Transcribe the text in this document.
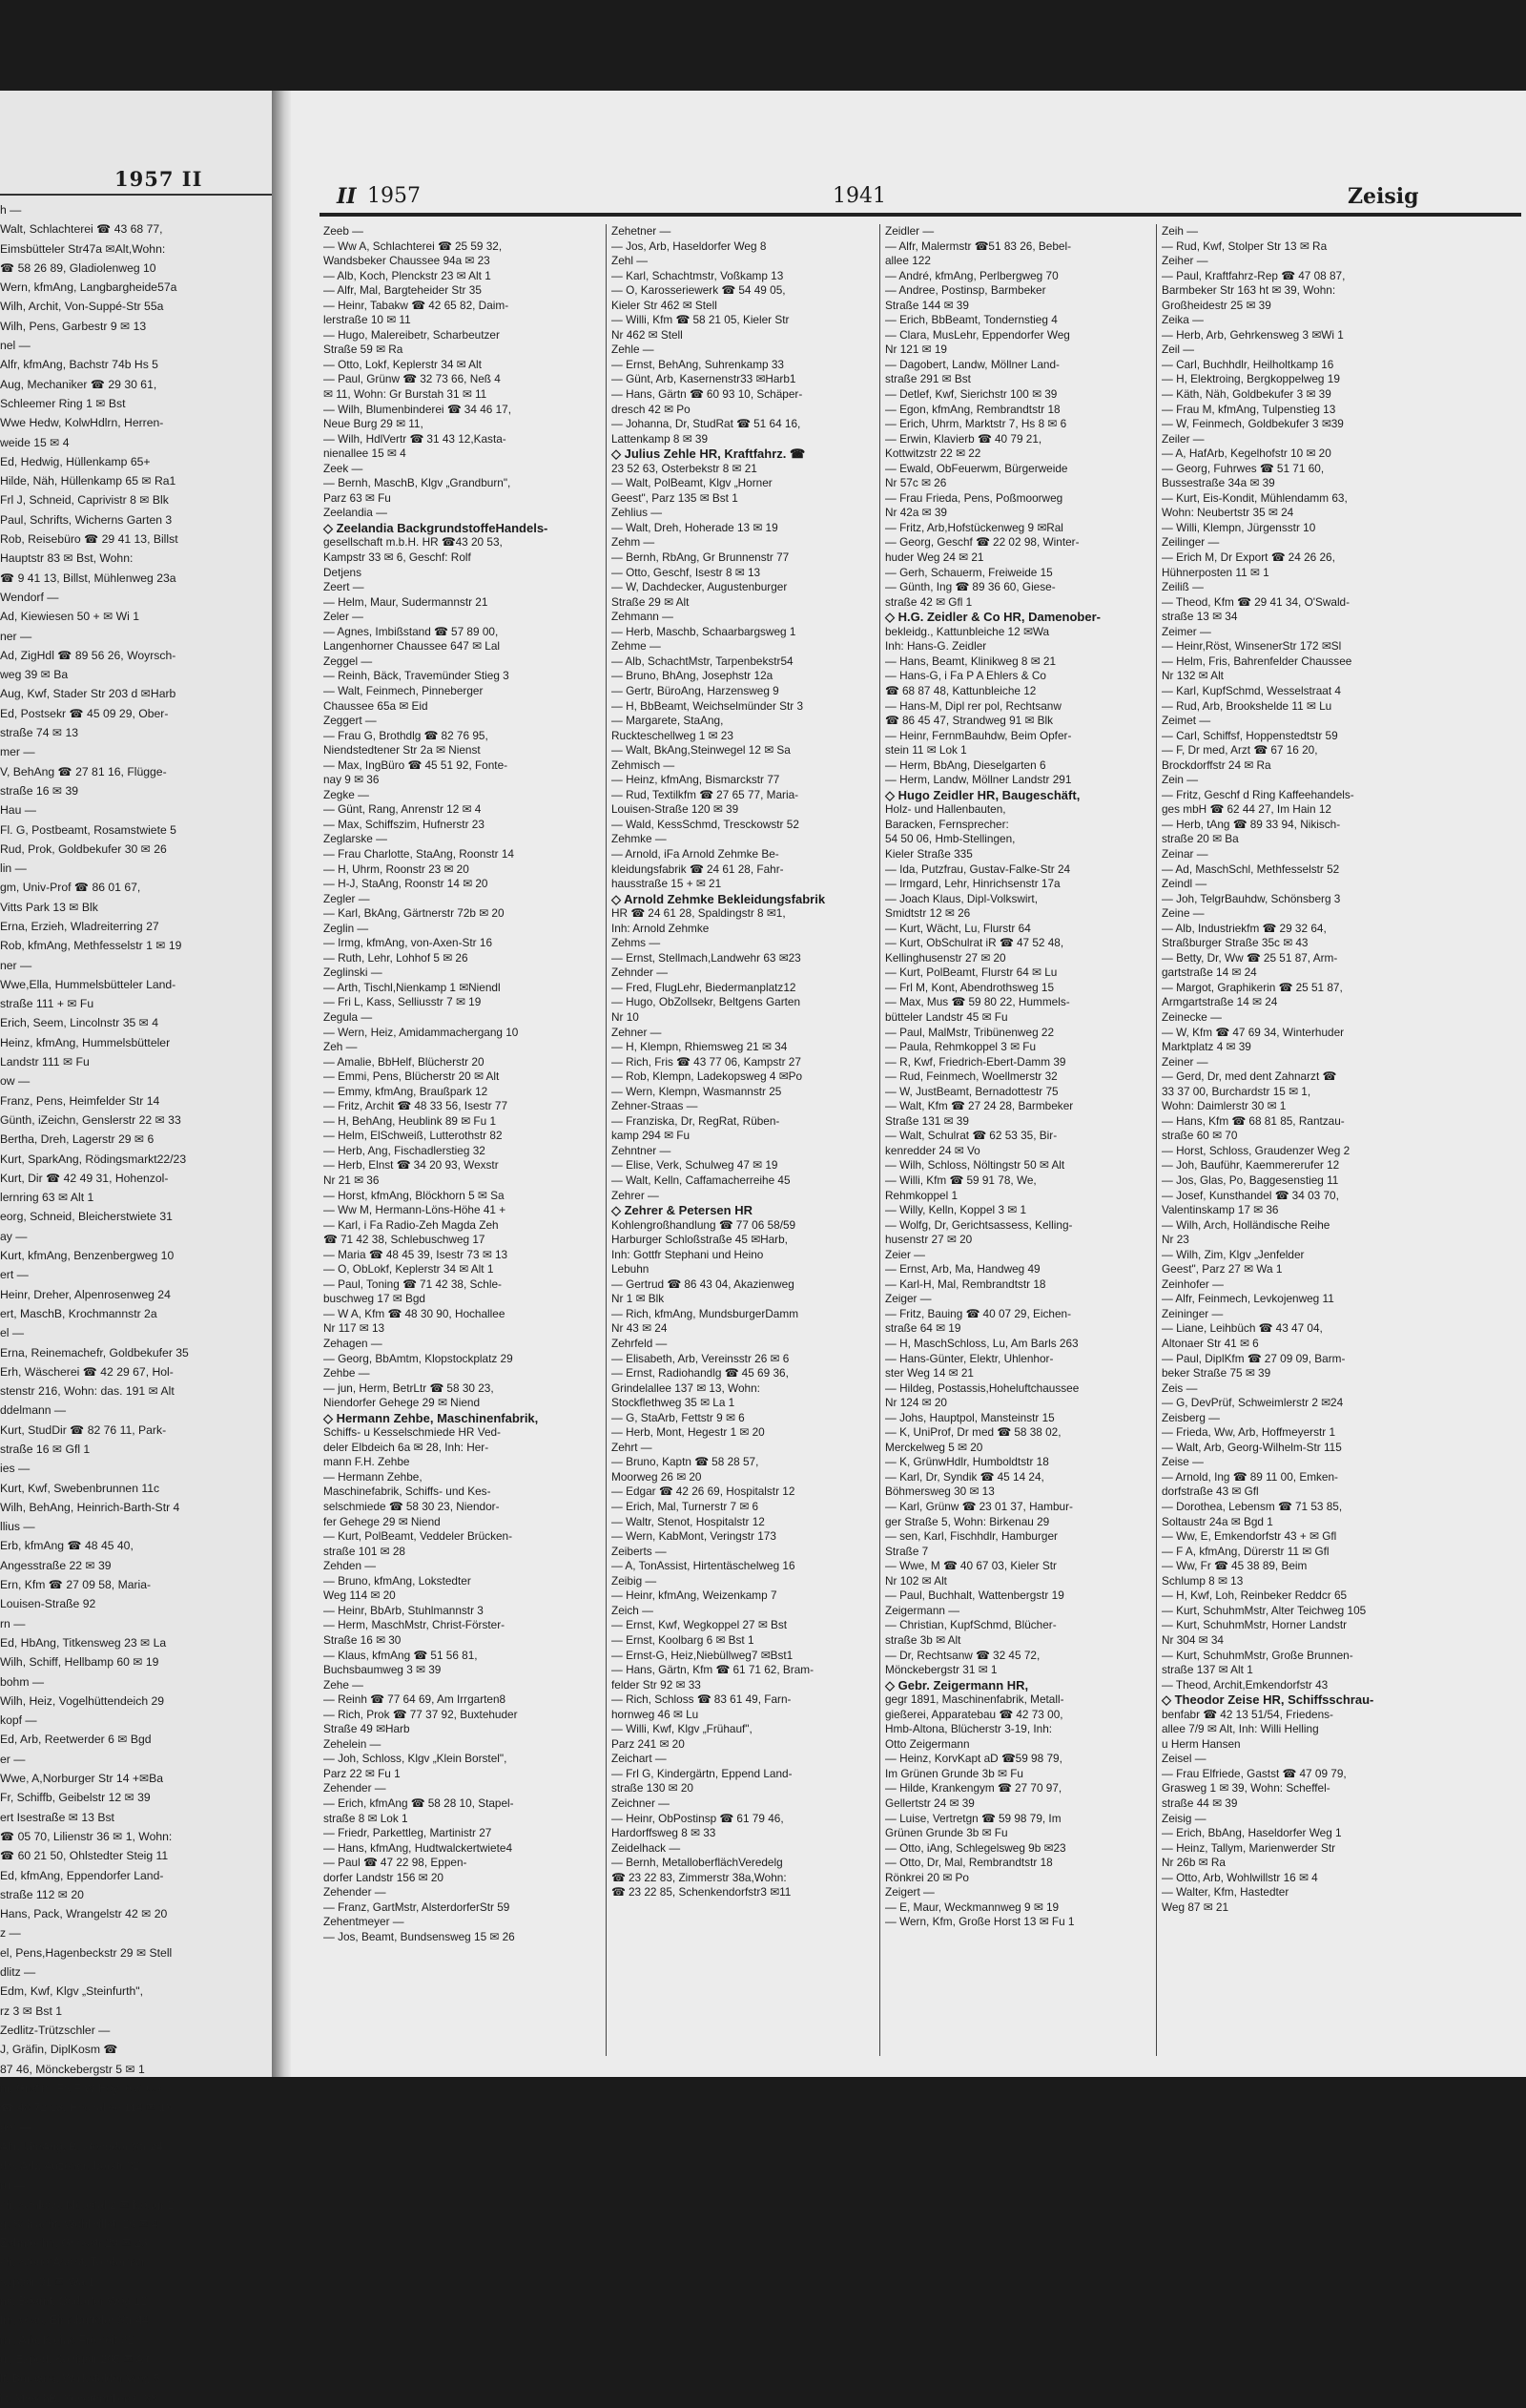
1957 II
h —
Walt, Schlachterei ☎ 43 68 77,
Eimsbütteler Str47a ✉Alt,Wohn:
☎ 58 26 89, Gladiolenweg 10
Wern, kfmAng, Langbargheide57a
Wilh, Archit, Von-Suppé-Str 55a
Wilh, Pens, Garbestr 9 ✉ 13
nel —
Alfr, kfmAng, Bachstr 74b Hs 5
Aug, Mechaniker ☎ 29 30 61,
Schleemer Ring 1 ✉ Bst
Wwe Hedw, KolwHdlrn, Herren-
weide 15 ✉ 4
Ed, Hedwig, Hüllenkamp 65+
Hilde, Näh, Hüllenkamp 65 ✉ Ra1
Frl J, Schneid, Caprivistr 8 ✉ Blk
Paul, Schrifts, Wicherns Garten 3
Rob, Reisebüro ☎ 29 41 13, Billst
Hauptstr 83 ✉ Bst, Wohn:
☎ 9 41 13, Billst, Mühlenweg 23a
Wendorf —
Ad, Kiewiesen 50 + ✉ Wi 1
ner —
Ad, ZigHdl ☎ 89 56 26, Woyrsch-
weg 39 ✉ Ba
Aug, Kwf, Stader Str 203 d ✉Harb
Ed, Postsekr ☎ 45 09 29, Ober-
straße 74 ✉ 13
mer —
V, BehAng ☎ 27 81 16, Flügge-
straße 16 ✉ 39
Hau —
Fl. G, Postbeamt, Rosamstwiete 5
Rud, Prok, Goldbekufer 30 ✉ 26
lin —
gm, Univ-Prof ☎ 86 01 67,
Vitts Park 13 ✉ Blk
Erna, Erzieh, Wladreiterring 27
Rob, kfmAng, Methfesselstr 1 ✉ 19
ner —
Wwe,Ella, Hummelsbütteler Land-
straße 111 + ✉ Fu
Erich, Seem, Lincolnstr 35 ✉ 4
Heinz, kfmAng, Hummelsbütteler
Landstr 111 ✉ Fu
ow —
Franz, Pens, Heimfelder Str 14
Günth, iZeichn, Genslerstr 22 ✉ 33
Bertha, Dreh, Lagerstr 29 ✉ 6
Kurt, SparkAng, Rödingsmarkt22/23
Kurt, Dir ☎ 42 49 31, Hohenzol-
lernring 63 ✉ Alt 1
eorg, Schneid, Bleicherstwiete 31
ay —
Kurt, kfmAng, Benzenbergweg 10
ert —
Heinr, Dreher, Alpenrosenweg 24
ert, MaschB, Krochmannstr 2a
el —
Erna, Reinemachefr, Goldbekufer 35
Erh, Wäscherei ☎ 42 29 67, Hol-
stenstr 216, Wohn: das. 191 ✉ Alt
ddelmann —
Kurt, StudDir ☎ 82 76 11, Park-
straße 16 ✉ Gfl 1
ies —
Kurt, Kwf, Swebenbrunnen 11c
Wilh, BehAng, Heinrich-Barth-Str 4
llius —
Erb, kfmAng ☎ 48 45 40,
Angesstraße 22 ✉ 39
Ern, Kfm ☎ 27 09 58, Maria-
Louisen-Straße 92
rn —
Ed, HbAng, Titkensweg 23 ✉ La
Wilh, Schiff, Hellbamp 60 ✉ 19
bohm —
Wilh, Heiz, Vogelhüttendeich 29
kopf —
Ed, Arb, Reetwerder 6 ✉ Bgd
er —
Wwe, A,Norburger Str 14 +✉Ba
Fr, Schiffb, Geibelstr 12 ✉ 39
ert Isestraße ✉ 13 Bst
☎ 05 70, Lilienstr 36 ✉ 1, Wohn:
☎ 60 21 50, Ohlstedter Steig 11
Ed, kfmAng, Eppendorfer Land-
straße 112 ✉ 20
Hans, Pack, Wrangelstr 42 ✉ 20
z —
el, Pens,Hagenbeckstr 29 ✉ Stell
dlitz —
Edm, Kwf, Klgv „Steinfurth",
rz 3 ✉ Bst 1
Zedlitz-Trützschler —
J, Gräfin, DiplKosm ☎
87 46, Mönckebergstr 5 ✉ 1
nr, Gräfin i Fa F W Heyne & Co
☎ 48 72 13, Hochallee 114 ✉ 13
ger —
Alfr, kfmAng, Buxtehuder Str 24
dw, Arb, Anzengruberstr 32
ru —
ch, Schloss, Moosfal 2 ✉ Neugr 2
g, Schlacht, Wohlwillstr 20 ✉ 4
Zahntechn, Griesstr 29 ✉ 26
ch, SteuerAssist, Tondernstr
auptstr 91 ✉ Wa 1
ns, Beamt, Osdorfer Weg 12
Im, Glas, Eimsbütteler Str 44
rni, Arb, Kleine Freiheit 62
ul, Exped, Königstr 265 ✉ Alt
lf, Büroang, Wulksfelder Weg 5
ilt, MaschB, Schottmüllerstr 38
II 1957	1941	Zeisig
Zeeb —
— Ww A, Schlachterei ☎ 25 59 32,
Wandsbeker Chaussee 94a ✉ 23
— Alb, Koch, Plenckstr 23 ✉ Alt 1
— Alfr, Mal, Bargteheider Str 35
— Heinr, Tabakw ☎ 42 65 82, Daim-
lerstraße 10 ✉ 11
— Hugo, Malereibetr, Scharbeutzer
Straße 59 ✉ Ra
— Otto, Lokf, Keplerstr 34 ✉ Alt
— Paul, Grünw ☎ 32 73 66, Neß 4
✉ 11, Wohn: Gr Burstah 31 ✉ 11
— Wilh, Blumenbinderei ☎ 34 46 17,
Neue Burg 29 ✉ 11,
— Wilh, HdlVertr ☎ 31 43 12,Kasta-
nienallee 15 ✉ 4
Zeek —
— Bernh, MaschB, Klgv „Grandburn",
Parz 63 ✉ Fu
Zeelandia —
◇ Zeelandia BackgrundstoffeHandels-
gesellschaft m.b.H. HR ☎43 20 53,
Kampstr 33 ✉ 6, Geschf: Rolf
Detjens
Zeert —
— Helm, Maur, Sudermannstr 21
Zeler —
— Agnes, Imbißstand ☎ 57 89 00,
Langenhorner Chaussee 647 ✉ Lal
Zeggel —
— Reinh, Bäck, Travemünder Stieg 3
— Walt, Feinmech, Pinneberger
Chaussee 65a ✉ Eid
Zeggert —
— Frau G, Brothdlg ☎ 82 76 95,
Niendstedtener Str 2a ✉ Nienst
— Max, IngBüro ☎ 45 51 92, Fonte-
nay 9 ✉ 36
Zegke —
— Günt, Rang, Anrenstr 12 ✉ 4
— Max, Schiffszim, Hufnerstr 23
Zeglarske —
— Frau Charlotte, StaAng, Roonstr 14
— H, Uhrm, Roonstr 23 ✉ 20
— H-J, StaAng, Roonstr 14 ✉ 20
Zegler —
— Karl, BkAng, Gärtnerstr 72b ✉ 20
Zeglin —
— Irmg, kfmAng, von-Axen-Str 16
— Ruth, Lehr, Lohhof 5 ✉ 26
Zeglinski —
— Arth, Tischl,Nienkamp 1 ✉Niendl
— Fri L, Kass, Selliusstr 7 ✉ 19
Zegula —
— Wern, Heiz, Amidammachergang 10
Zeh —
— Amalie, BbHelf, Blücherstr 20
— Emmi, Pens, Blücherstr 20 ✉ Alt
— Emmy, kfmAng, Braußpark 12
— Fritz, Archit ☎ 48 33 56, Isestr 77
— H, BehAng, Heublink 89 ✉ Fu 1
— Helm, ElSchweiß, Lutterothstr 82
— Herb, Ang, Fischadlerstieg 32
— Herb, Elnst ☎ 34 20 93, Wexstr
Nr 21 ✉ 36
— Horst, kfmAng, Blöckhorn 5 ✉ Sa
— Ww M, Hermann-Löns-Höhe 41 +
— Karl, i Fa Radio-Zeh Magda Zeh
☎ 71 42 38, Schlebuschweg 17
— Maria ☎ 48 45 39, Isestr 73 ✉ 13
— O, ObLokf, Keplerstr 34 ✉ Alt 1
— Paul, Toning ☎ 71 42 38, Schle-
buschweg 17 ✉ Bgd
— W A, Kfm ☎ 48 30 90, Hochallee
Nr 117 ✉ 13
Zehagen —
— Georg, BbAmtm, Klopstockplatz 29
Zehbe —
— jun, Herm, BetrLtr ☎ 58 30 23,
Niendorfer Gehege 29 ✉ Niend
◇ Hermann Zehbe, Maschinenfabrik,
Schiffs- u Kesselschmiede HR Ved-
deler Elbdeich 6a ✉ 28, Inh: Her-
mann F.H. Zehbe
— Hermann Zehbe,
Maschinefabrik, Schiffs- und Kes-
selschmiede ☎ 58 30 23, Niendor-
fer Gehege 29 ✉ Niend
— Kurt, PolBeamt, Veddeler Brücken-
straße 101 ✉ 28
Zehden —
— Bruno, kfmAng, Lokstedter
Weg 114 ✉ 20
— Heinr, BbArb, Stuhlmannstr 3
— Herm, MaschMstr, Christ-Förster-
Straße 16 ✉ 30
— Klaus, kfmAng ☎ 51 56 81,
Buchsbaumweg 3 ✉ 39
Zehe —
— Reinh ☎ 77 64 69, Am Irrgarten8
— Rich, Prok ☎ 77 37 92, Buxtehuder
Straße 49 ✉Harb
Zehelein —
— Joh, Schloss, Klgv „Klein Borstel",
Parz 22 ✉ Fu 1
Zehender —
— Erich, kfmAng ☎ 58 28 10, Stapel-
straße 8 ✉ Lok 1
— Friedr, Parkettleg, Martinistr 27
— Hans, kfmAng, Hudtwalckertwiete4
— Paul ☎ 47 22 98, Eppen-
dorfer Landstr 156 ✉ 20
Zehender —
— Franz, GartMstr, AlsterdorferStr 59
Zehentmeyer —
— Jos, Beamt, Bundsensweg 15 ✉ 26
Zehetner —
— Jos, Arb, Haseldorfer Weg 8
Zehl —
— Karl, Schachtmstr, Voßkamp 13
— O, Karosseriewerk ☎ 54 49 05,
Kieler Str 462 ✉ Stell
— Willi, Kfm ☎ 58 21 05, Kieler Str
Nr 462 ✉ Stell
Zehle —
— Ernst, BehAng, Suhrenkamp 33
— Günt, Arb, Kasernenstr33 ✉Harb1
— Hans, Gärtn ☎ 60 93 10, Schäper-
dresch 42 ✉ Po
— Johanna, Dr, StudRat ☎ 51 64 16,
Lattenkamp 8 ✉ 39
◇ Julius Zehle HR, Kraftfahrz. ☎
23 52 63, Osterbekstr 8 ✉ 21
— Walt, PolBeamt, Klgv „Horner
Geest", Parz 135 ✉ Bst 1
Zehlius —
— Walt, Dreh, Hoherade 13 ✉ 19
Zehm —
— Bernh, RbAng, Gr Brunnenstr 77
— Otto, Geschf, Isestr 8 ✉ 13
— W, Dachdecker, Augustenburger
Straße 29 ✉ Alt
Zehmann —
— Herb, Maschb, Schaarbargsweg 1
Zehme —
— Alb, SchachtMstr, Tarpenbekstr54
— Bruno, BhAng, Josephstr 12a
— Gertr, BüroAng, Harzensweg 9
— H, BbBeamt, Weichselmünder Str 3
— Margarete, StaAng,
Ruckteschellweg 1 ✉ 23
— Walt, BkAng,Steinwegel 12 ✉ Sa
Zehmisch —
— Heinz, kfmAng, Bismarckstr 77
— Rud, Textilkfm ☎ 27 65 77, Maria-
Louisen-Straße 120 ✉ 39
— Wald, KessSchmd, Tresckowstr 52
Zehmke —
— Arnold, iFa Arnold Zehmke Be-
kleidungsfabrik ☎ 24 61 28, Fahr-
hausstraße 15 + ✉ 21
◇ Arnold Zehmke Bekleidungsfabrik
HR ☎ 24 61 28, Spaldingstr 8 ✉1,
Inh: Arnold Zehmke
Zehms —
— Ernst, Stellmach,Landwehr 63 ✉23
Zehnder —
— Fred, FlugLehr, Biedermanplatz12
— Hugo, ObZollsekr, Beltgens Garten
Nr 10
Zehner —
— H, Klempn, Rhiemsweg 21 ✉ 34
— Rich, Fris ☎ 43 77 06, Kampstr 27
— Rob, Klempn, Ladekopsweg 4 ✉Po
— Wern, Klempn, Wasmannstr 25
Zehner-Straas —
— Franziska, Dr, RegRat, Rüben-
kamp 294 ✉ Fu
Zehntner —
— Elise, Verk, Schulweg 47 ✉ 19
— Walt, Kelln, Caffamacherreihe 45
Zehrer —
◇ Zehrer & Petersen HR
Kohlengroßhandlung ☎ 77 06 58/59
Harburger Schloßstraße 45 ✉Harb,
Inh: Gottfr Stephani und Heino
Lebuhn
— Gertrud ☎ 86 43 04, Akazienweg
Nr 1 ✉ Blk
— Rich, kfmAng, MundsburgerDamm
Nr 43 ✉ 24
Zehrfeld —
— Elisabeth, Arb, Vereinsstr 26 ✉ 6
— Ernst, Radiohandlg ☎ 45 69 36,
Grindelallee 137 ✉ 13, Wohn:
Stockflethweg 35 ✉ La 1
— G, StaArb, Fettstr 9 ✉ 6
— Herb, Mont, Hegestr 1 ✉ 20
Zehrt —
— Bruno, Kaptn ☎ 58 28 57,
Moorweg 26 ✉ 20
— Edgar ☎ 42 26 69, Hospitalstr 12
— Erich, Mal, Turnerstr 7 ✉ 6
— Waltr, Stenot, Hospitalstr 12
— Wern, KabMont, Veringstr 173
Zeiberts —
— A, TonAssist, Hirtentäschelweg 16
Zeibig —
— Heinr, kfmAng, Weizenkamp 7
Zeich —
— Ernst, Kwf, Wegkoppel 27 ✉ Bst
— Ernst, Koolbarg 6 ✉ Bst 1
— Ernst-G, Heiz,Niebüllweg7 ✉Bst1
— Hans, Gärtn, Kfm ☎ 61 71 62, Bram-
felder Str 92 ✉ 33
— Rich, Schloss ☎ 83 61 49, Farn-
hornweg 46 ✉ Lu
— Willi, Kwf, Klgv „Frühauf",
Parz 241 ✉ 20
Zeichart —
— Frl G, Kindergärtn, Eppend Land-
straße 130 ✉ 20
Zeichner —
— Heinr, ObPostinsp ☎ 61 79 46,
Hardorffsweg 8 ✉ 33
Zeidelhack —
— Bernh, MetalloberflächVeredelg
☎ 23 22 83, Zimmerstr 38a,Wohn:
☎ 23 22 85, Schenkendorfstr3 ✉11
Zeidler —
— Alfr, Malermstr ☎51 83 26, Bebel-
allee 122
— André, kfmAng, Perlbergweg 70
— Andree, Postinsp, Barmbeker
Straße 144 ✉ 39
— Erich, BbBeamt, Tondernstieg 4
— Clara, MusLehr, Eppendorfer Weg
Nr 121 ✉ 19
— Dagobert, Landw, Möllner Land-
straße 291 ✉ Bst
— Detlef, Kwf, Sierichstr 100 ✉ 39
— Egon, kfmAng, Rembrandtstr 18
— Erich, Uhrm, Marktstr 7, Hs 8 ✉ 6
— Erwin, Klavierb ☎ 40 79 21,
Kottwitzstr 22 ✉ 22
— Ewald, ObFeuerwm, Bürgerweide
Nr 57c ✉ 26
— Frau Frieda, Pens, Poßmoorweg
Nr 42a ✉ 39
— Fritz, Arb,Hofstückenweg 9 ✉Ral
— Georg, Geschf ☎ 22 02 98, Winter-
huder Weg 24 ✉ 21
— Gerh, Schauerm, Freiweide 15
— Günth, Ing ☎ 89 36 60, Giese-
straße 42 ✉ Gfl 1
◇ H.G. Zeidler & Co HR, Damenober-
bekleidg., Kattunbleiche 12 ✉Wa
Inh: Hans-G. Zeidler
— Hans, Beamt, Klinikweg 8 ✉ 21
— Hans-G, i Fa P A Ehlers & Co
☎ 68 87 48, Kattunbleiche 12
— Hans-M, Dipl rer pol, Rechtsanw
☎ 86 45 47, Strandweg 91 ✉ Blk
— Heinr, FernmBauhdw, Beim Opfer-
stein 11 ✉ Lok 1
— Herm, BbAng, Dieselgarten 6
— Herm, Landw, Möllner Landstr 291
◇ Hugo Zeidler HR, Baugeschäft,
Holz- und Hallenbauten,
Baracken, Fernsprecher:
54 50 06, Hmb-Stellingen,
Kieler Straße 335
— Ida, Putzfrau, Gustav-Falke-Str 24
— Irmgard, Lehr, Hinrichsenstr 17a
— Joach Klaus, Dipl-Volkswirt,
Smidtstr 12 ✉ 26
— Kurt, Wächt, Lu, Flurstr 64
— Kurt, ObSchulrat iR ☎ 47 52 48,
Kellinghusenstr 27 ✉ 20
— Kurt, PolBeamt, Flurstr 64 ✉ Lu
— Frl M, Kont, Abendrothsweg 15
— Max, Mus ☎ 59 80 22, Hummels-
bütteler Landstr 45 ✉ Fu
— Paul, MalMstr, Tribünenweg 22
— Paula, Rehmkoppel 3 ✉ Fu
— R, Kwf, Friedrich-Ebert-Damm 39
— Rud, Feinmech, Woellmerstr 32
— W, JustBeamt, Bernadottestr 75
— Walt, Kfm ☎ 27 24 28, Barmbeker
Straße 131 ✉ 39
— Walt, Schulrat ☎ 62 53 35, Bir-
kenredder 24 ✉ Vo
— Wilh, Schloss, Nöltingstr 50 ✉ Alt
— Willi, Kfm ☎ 59 91 78, We,
Rehmkoppel 1
— Willy, Kelln, Koppel 3 ✉ 1
— Wolfg, Dr, Gerichtsassess, Kelling-
husenstr 27 ✉ 20
Zeier —
— Ernst, Arb, Ma, Handweg 49
— Karl-H, Mal, Rembrandtstr 18
Zeiger —
— Fritz, Bauing ☎ 40 07 29, Eichen-
straße 64 ✉ 19
— H, MaschSchloss, Lu, Am Barls 263
— Hans-Günter, Elektr, Uhlenhor-
ster Weg 14 ✉ 21
— Hildeg, Postassis,Hoheluftchaussee
Nr 124 ✉ 20
— Johs, Hauptpol, Mansteinstr 15
— K, UniProf, Dr med ☎ 58 38 02,
Merckelweg 5 ✉ 20
— K, GrünwHdlr, Humboldtstr 18
— Karl, Dr, Syndik ☎ 45 14 24,
Böhmersweg 30 ✉ 13
— Karl, Grünw ☎ 23 01 37, Hambur-
ger Straße 5, Wohn: Birkenau 29
— sen, Karl, Fischhdlr, Hamburger
Straße 7
— Wwe, M ☎ 40 67 03, Kieler Str
Nr 102 ✉ Alt
— Paul, Buchhalt, Wattenbergstr 19
Zeigermann —
— Christian, KupfSchmd, Blücher-
straße 3b ✉ Alt
— Dr, Rechtsanw ☎ 32 45 72,
Mönckebergstr 31 ✉ 1
◇ Gebr. Zeigermann HR,
gegr 1891, Maschinenfabrik, Metall-
gießerei, Apparatebau ☎ 42 73 00,
Hmb-Altona, Blücherstr 3-19, Inh:
Otto Zeigermann
— Heinz, KorvKapt aD ☎59 98 79,
Im Grünen Grunde 3b ✉ Fu
— Hilde, Krankengym ☎ 27 70 97,
Gellertstr 24 ✉ 39
— Luise, Vertretgn ☎ 59 98 79, Im
Grünen Grunde 3b ✉ Fu
— Otto, iAng, Schlegelsweg 9b ✉23
— Otto, Dr, Mal, Rembrandtstr 18
Rönkrei 20 ✉ Po
Zeigert —
— E, Maur, Weckmannweg 9 ✉ 19
— Wern, Kfm, Große Horst 13 ✉ Fu 1
Zeih —
— Rud, Kwf, Stolper Str 13 ✉ Ra
Zeiher —
— Paul, Kraftfahrz-Rep ☎ 47 08 87,
Barmbeker Str 163 ht ✉ 39, Wohn:
Großheidestr 25 ✉ 39
Zeika —
— Herb, Arb, Gehrkensweg 3 ✉Wi 1
Zeil —
— Carl, Buchhdlr, Heilholtkamp 16
— H, Elektroing, Bergkoppelweg 19
— Käth, Näh, Goldbekufer 3 ✉ 39
— Frau M, kfmAng, Tulpenstieg 13
— W, Feinmech, Goldbekufer 3 ✉39
Zeiler —
— A, HafArb, Kegelhofstr 10 ✉ 20
— Georg, Fuhrwes ☎ 51 71 60,
Bussestraße 34a ✉ 39
— Kurt, Eis-Kondit, Mühlendamm 63,
Wohn: Neubertstr 35 ✉ 24
— Willi, Klempn, Jürgensstr 10
Zeilinger —
— Erich M, Dr Export ☎ 24 26 26,
Hühnerposten 11 ✉ 1
Zeiliß —
— Theod, Kfm ☎ 29 41 34, O'Swald-
straße 13 ✉ 34
Zeimer —
— Heinr,Röst, WinsenerStr 172 ✉Sl
— Helm, Fris, Bahrenfelder Chaussee
Nr 132 ✉ Alt
— Karl, KupfSchmd, Wesselstraat 4
— Rud, Arb, Brookshelde 11 ✉ Lu
Zeimet —
— Carl, Schiffsf, Hoppenstedtstr 59
— F, Dr med, Arzt ☎ 67 16 20,
Brockdorffstr 24 ✉ Ra
Zein —
— Fritz, Geschf d Ring Kaffeehandels-
ges mbH ☎ 62 44 27, Im Hain 12
— Herb, tAng ☎ 89 33 94, Nikisch-
straße 20 ✉ Ba
Zeinar —
— Ad, MaschSchl, Methfesselstr 52
Zeindl —
— Joh, TelgrBauhdw, Schönsberg 3
Zeine —
— Alb, Industriekfm ☎ 29 32 64,
Straßburger Straße 35c ✉ 43
— Betty, Dr, Ww ☎ 25 51 87, Arm-
gartstraße 14 ✉ 24
— Margot, Graphikerin ☎ 25 51 87,
Armgartstraße 14 ✉ 24
Zeinecke —
— W, Kfm ☎ 47 69 34, Winterhuder
Marktplatz 4 ✉ 39
Zeiner —
— Gerd, Dr, med dent Zahnarzt ☎
33 37 00, Burchardstr 15 ✉ 1,
Wohn: Daimlerstr 30 ✉ 1
— Hans, Kfm ☎ 68 81 85, Rantzau-
straße 60 ✉ 70
— Horst, Schloss, Graudenzer Weg 2
— Joh, Bauführ, Kaemmererufer 12
— Jos, Glas, Po, Baggesenstieg 11
— Josef, Kunsthandel ☎ 34 03 70,
Valentinskamp 17 ✉ 36
— Wilh, Arch, Holländische Reihe
Nr 23
— Wilh, Zim, Klgv „Jenfelder
Geest", Parz 27 ✉ Wa 1
Zeinhofer —
— Alfr, Feinmech, Levkojenweg 11
Zeininger —
— Liane, Leihbüch ☎ 43 47 04,
Altonaer Str 41 ✉ 6
— Paul, DiplKfm ☎ 27 09 09, Barm-
beker Straße 75 ✉ 39
Zeis —
— G, DevPrüf, Schweimlerstr 2 ✉24
Zeisberg —
— Frieda, Ww, Arb, Hoffmeyerstr 1
— Walt, Arb, Georg-Wilhelm-Str 115
Zeise —
— Arnold, Ing ☎ 89 11 00, Emken-
dorfstraße 43 ✉ Gfl
— Dorothea, Lebensm ☎ 71 53 85,
Soltaustr 24a ✉ Bgd 1
— Ww, E, Emkendorfstr 43 + ✉ Gfl
— F A, kfmAng, Dürerstr 11 ✉ Gfl
— Ww, Fr ☎ 45 38 89, Beim
Schlump 8 ✉ 13
— H, Kwf, Loh, Reinbeker Reddcr 65
— Kurt, SchuhmMstr, Alter Teichweg 105
— Kurt, SchuhmMstr, Horner Landstr
Nr 304 ✉ 34
— Kurt, SchuhmMstr, Große Brunnen-
straße 137 ✉ Alt 1
— Theod, Archit,Emkendorfstr 43
◇ Theodor Zeise HR, Schiffsschrau-
benfabr ☎ 42 13 51/54, Friedens-
allee 7/9 ✉ Alt, Inh: Willi Helling
u Herm Hansen
Zeisel —
— Frau Elfriede, Gastst ☎ 47 09 79,
Grasweg 1 ✉ 39, Wohn: Scheffel-
straße 44 ✉ 39
Zeisig —
— Erich, BbAng, Haseldorfer Weg 1
— Heinz, Tallym, Marienwerder Str
Nr 26b ✉ Ra
— Otto, Arb, Wohlwillstr 16 ✉ 4
— Walter, Kfm, Hastedter
Weg 87 ✉ 21
